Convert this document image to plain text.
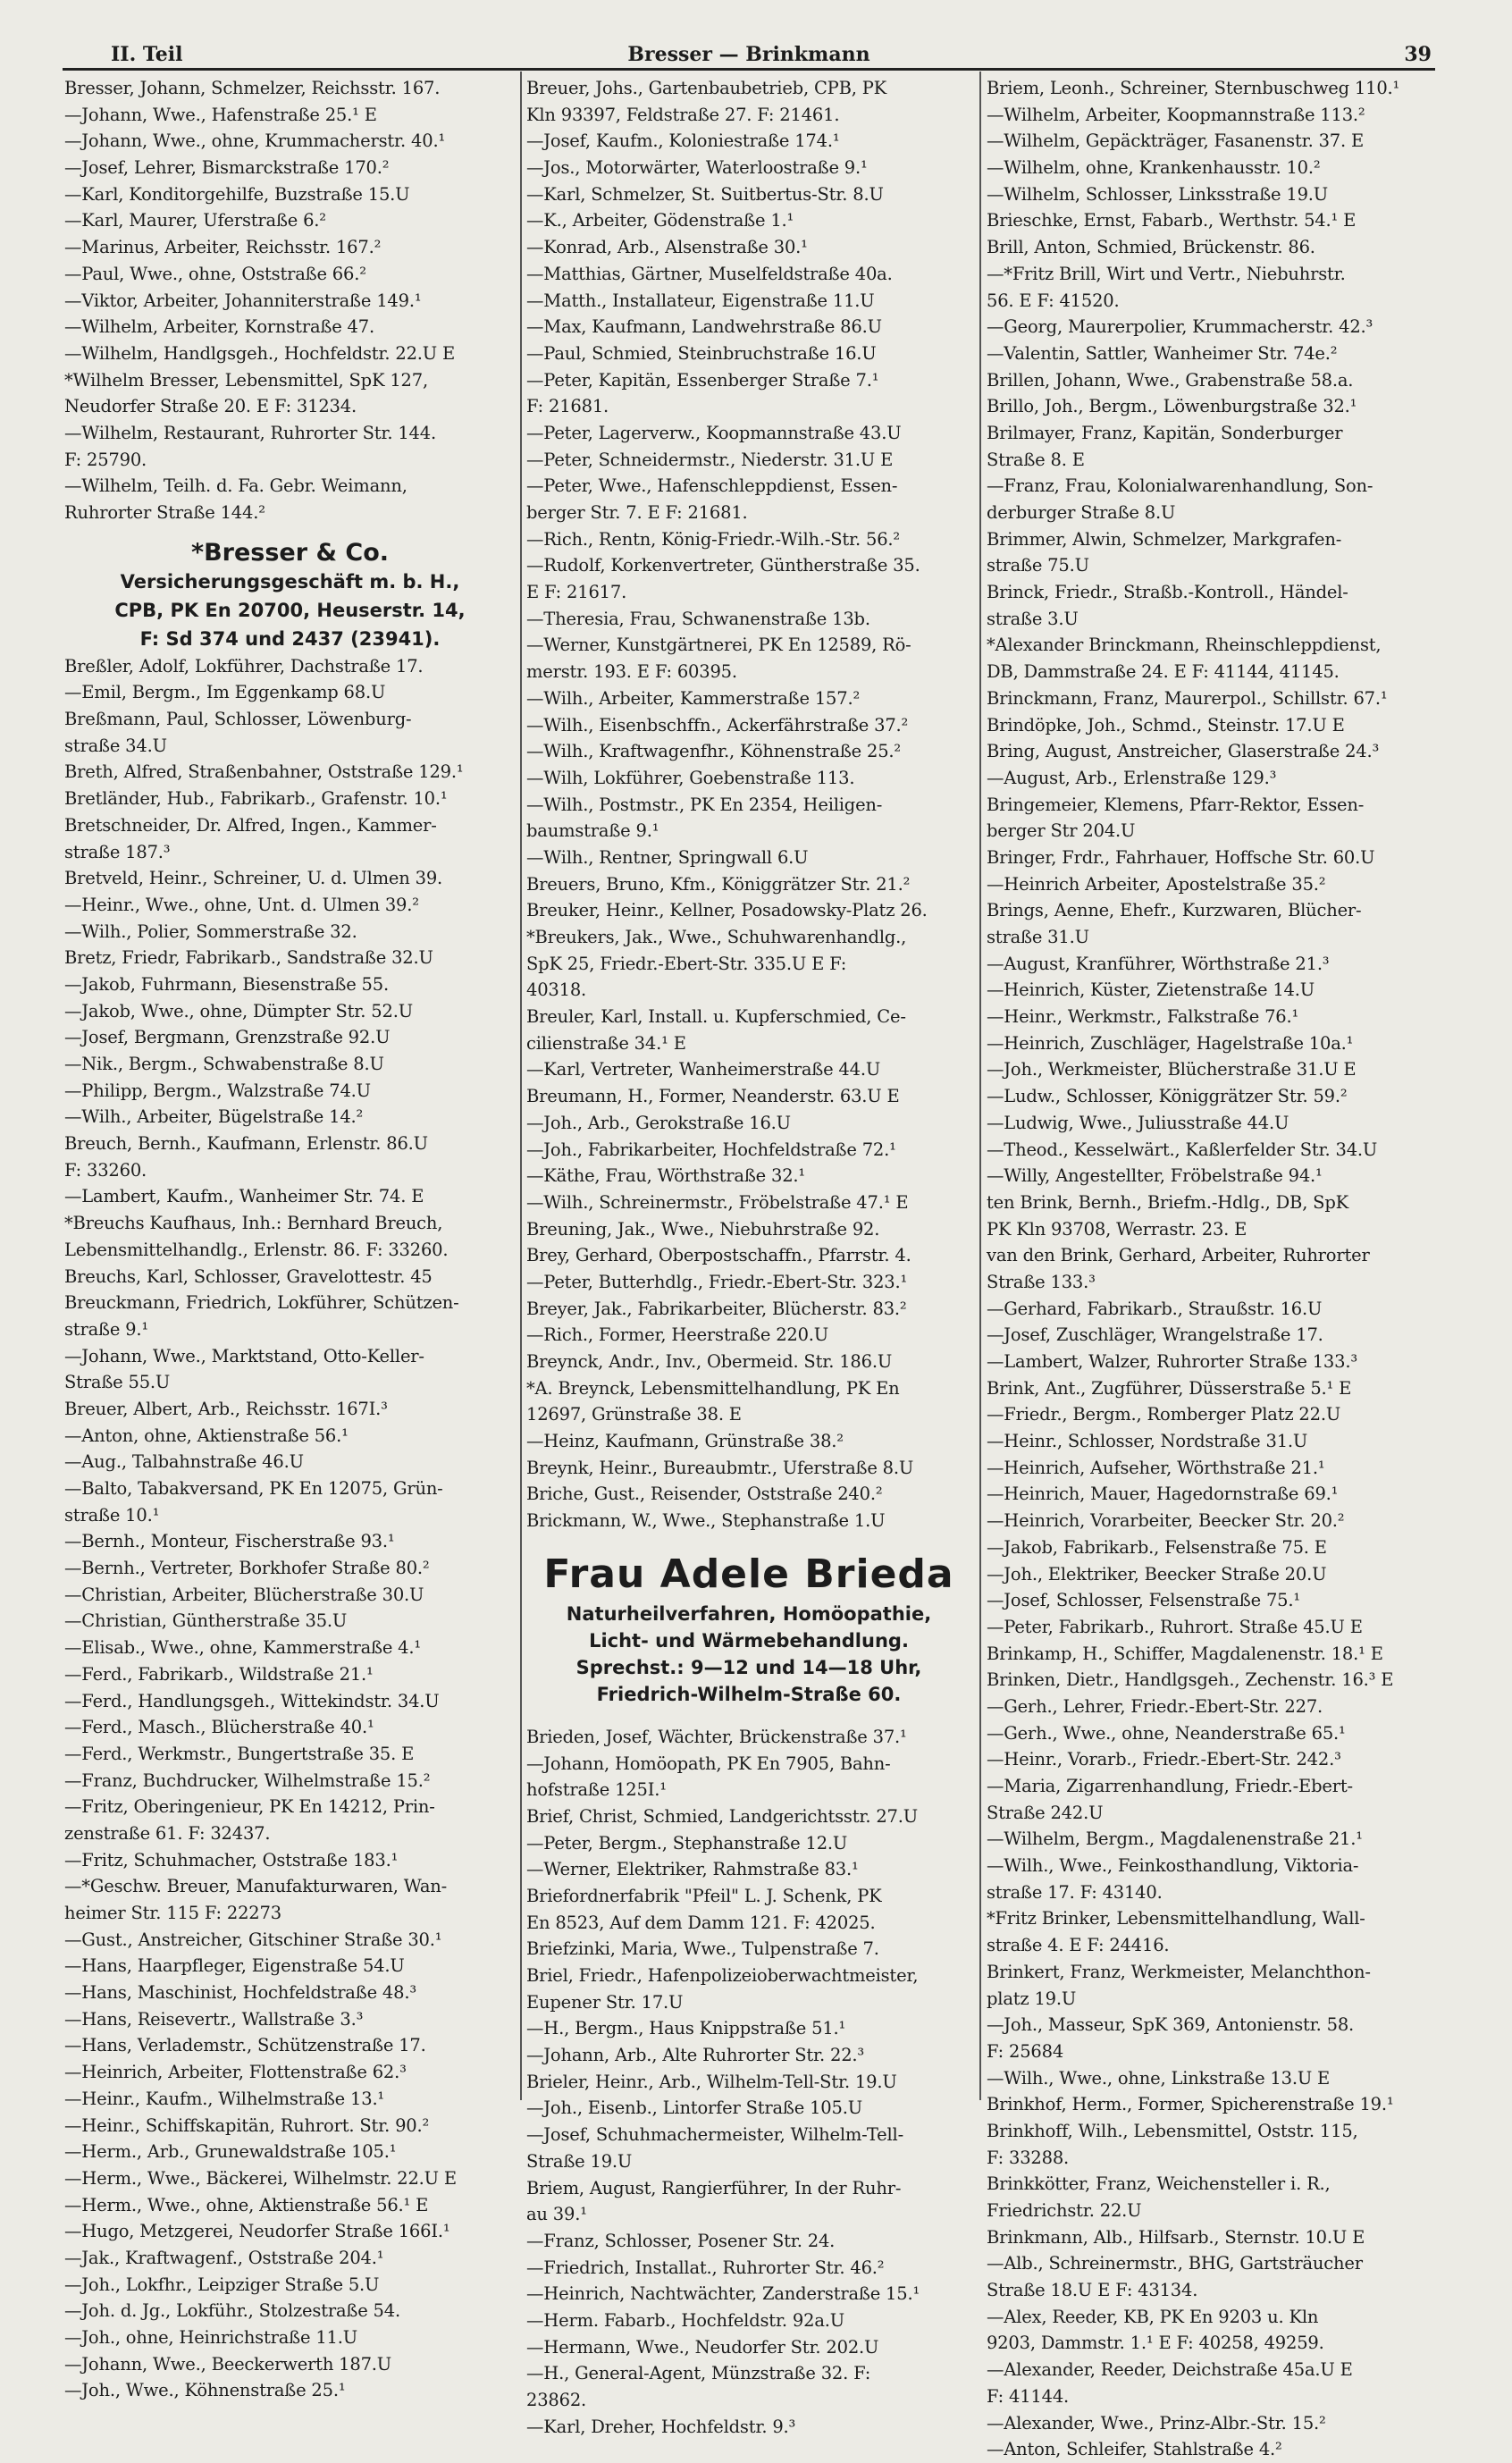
II. Teil	Bresser — Brinkmann	39
Bresser, Johann, Schmelzer, Reichsstr. 167.
—Johann, Wwe., Hafenstraße 25.¹ E
—Johann, Wwe., ohne, Krummacherstr. 40.¹
—Josef, Lehrer, Bismarckstraße 170.²
—Karl, Konditorgehilfe, Buzstraße 15.U
—Karl, Maurer, Uferstraße 6.²
—Marinus, Arbeiter, Reichsstr. 167.²
—Paul, Wwe., ohne, Oststraße 66.²
—Viktor, Arbeiter, Johanniterstraße 149.¹
—Wilhelm, Arbeiter, Kornstraße 47.
—Wilhelm, Handlgsgeh., Hochfeldstr. 22.U E
*Wilhelm Bresser, Lebensmittel, SpK 127,
Neudorfer Straße 20. E F: 31234.
—Wilhelm, Restaurant, Ruhrorter Str. 144.
F: 25790.
—Wilhelm, Teilh. d. Fa. Gebr. Weimann,
Ruhrorter Straße 144.²
*Bresser & Co.
Versicherungsgeschäft m. b. H.,
CPB, PK En 20700, Heuserstr. 14,
F: Sd 374 und 2437 (23941).
Breßler, Adolf, Lokführer, Dachstraße 17.
—Emil, Bergm., Im Eggenkamp 68.U
Breßmann, Paul, Schlosser, Löwenburg-
straße 34.U
Breth, Alfred, Straßenbahner, Oststraße 129.¹
Bretländer, Hub., Fabrikarb., Grafenstr. 10.¹
Bretschneider, Dr. Alfred, Ingen., Kammer-
straße 187.³
Bretveld, Heinr., Schreiner, U. d. Ulmen 39.
—Heinr., Wwe., ohne, Unt. d. Ulmen 39.²
—Wilh., Polier, Sommerstraße 32.
Bretz, Friedr, Fabrikarb., Sandstraße 32.U
—Jakob, Fuhrmann, Biesenstraße 55.
—Jakob, Wwe., ohne, Dümpter Str. 52.U
—Josef, Bergmann, Grenzstraße 92.U
—Nik., Bergm., Schwabenstraße 8.U
—Philipp, Bergm., Walzstraße 74.U
—Wilh., Arbeiter, Bügelstraße 14.²
Breuch, Bernh., Kaufmann, Erlenstr. 86.U
F: 33260.
—Lambert, Kaufm., Wanheimer Str. 74. E
*Breuchs Kaufhaus, Inh.: Bernhard Breuch,
Lebensmittelhandlg., Erlenstr. 86. F: 33260.
Breuchs, Karl, Schlosser, Gravelottestr. 45
Breuckmann, Friedrich, Lokführer, Schützen-
straße 9.¹
—Johann, Wwe., Marktstand, Otto-Keller-
Straße 55.U
Breuer, Albert, Arb., Reichsstr. 167I.³
—Anton, ohne, Aktienstraße 56.¹
—Aug., Talbahnstraße 46.U
—Balto, Tabakversand, PK En 12075, Grün-
straße 10.¹
—Bernh., Monteur, Fischerstraße 93.¹
—Bernh., Vertreter, Borkhofer Straße 80.²
—Christian, Arbeiter, Blücherstraße 30.U
—Christian, Güntherstraße 35.U
—Elisab., Wwe., ohne, Kammerstraße 4.¹
—Ferd., Fabrikarb., Wildstraße 21.¹
—Ferd., Handlungsgeh., Wittekindstr. 34.U
—Ferd., Masch., Blücherstraße 40.¹
—Ferd., Werkmstr., Bungertstraße 35. E
—Franz, Buchdrucker, Wilhelmstraße 15.²
—Fritz, Oberingenieur, PK En 14212, Prin-
zenstraße 61. F: 32437.
—Fritz, Schuhmacher, Oststraße 183.¹
—*Geschw. Breuer, Manufakturwaren, Wan-
heimer Str. 115 F: 22273
—Gust., Anstreicher, Gitschiner Straße 30.¹
—Hans, Haarpfleger, Eigenstraße 54.U
—Hans, Maschinist, Hochfeldstraße 48.³
—Hans, Reisevertr., Wallstraße 3.³
—Hans, Verlademstr., Schützenstraße 17.
—Heinrich, Arbeiter, Flottenstraße 62.³
—Heinr., Kaufm., Wilhelmstraße 13.¹
—Heinr., Schiffskapitän, Ruhrort. Str. 90.²
—Herm., Arb., Grunewaldstraße 105.¹
—Herm., Wwe., Bäckerei, Wilhelmstr. 22.U E
—Herm., Wwe., ohne, Aktienstraße 56.¹ E
—Hugo, Metzgerei, Neudorfer Straße 166I.¹
—Jak., Kraftwagenf., Oststraße 204.¹
—Joh., Lokfhr., Leipziger Straße 5.U
—Joh. d. Jg., Lokführ., Stolzestraße 54.
—Joh., ohne, Heinrichstraße 11.U
—Johann, Wwe., Beeckerwerth 187.U
—Joh., Wwe., Köhnenstraße 25.¹
Breuer, Johs., Gartenbaubetrieb, CPB, PK
Kln 93397, Feldstraße 27. F: 21461.
—Josef, Kaufm., Koloniestraße 174.¹
—Jos., Motorwärter, Waterloostraße 9.¹
—Karl, Schmelzer, St. Suitbertus-Str. 8.U
—K., Arbeiter, Gödenstraße 1.¹
—Konrad, Arb., Alsenstraße 30.¹
—Matthias, Gärtner, Muselfeldstraße 40a.
—Matth., Installateur, Eigenstraße 11.U
—Max, Kaufmann, Landwehrstraße 86.U
—Paul, Schmied, Steinbruchstraße 16.U
—Peter, Kapitän, Essenberger Straße 7.¹
F: 21681.
—Peter, Lagerverw., Koopmannstraße 43.U
—Peter, Schneidermstr., Niederstr. 31.U E
—Peter, Wwe., Hafenschleppdienst, Essen-
berger Str. 7. E F: 21681.
—Rich., Rentn, König-Friedr.-Wilh.-Str. 56.²
—Rudolf, Korkenvertreter, Güntherstraße 35.
E F: 21617.
—Theresia, Frau, Schwanenstraße 13b.
—Werner, Kunstgärtnerei, PK En 12589, Rö-
merstr. 193. E F: 60395.
—Wilh., Arbeiter, Kammerstraße 157.²
—Wilh., Eisenbschffn., Ackerfährstraße 37.²
—Wilh., Kraftwagenfhr., Köhnenstraße 25.²
—Wilh, Lokführer, Goebenstraße 113.
—Wilh., Postmstr., PK En 2354, Heiligen-
baumstraße 9.¹
—Wilh., Rentner, Springwall 6.U
Breuers, Bruno, Kfm., Königgrätzer Str. 21.²
Breuker, Heinr., Kellner, Posadowsky-Platz 26.
*Breukers, Jak., Wwe., Schuhwarenhandlg.,
SpK 25, Friedr.-Ebert-Str. 335.U E F:
40318.
Breuler, Karl, Install. u. Kupferschmied, Ce-
cilienstraße 34.¹ E
—Karl, Vertreter, Wanheimerstraße 44.U
Breumann, H., Former, Neanderstr. 63.U E
—Joh., Arb., Gerokstraße 16.U
—Joh., Fabrikarbeiter, Hochfeldstraße 72.¹
—Käthe, Frau, Wörthstraße 32.¹
—Wilh., Schreinermstr., Fröbelstraße 47.¹ E
Breuning, Jak., Wwe., Niebuhrstraße 92.
Brey, Gerhard, Oberpostschaffn., Pfarrstr. 4.
—Peter, Butterhdlg., Friedr.-Ebert-Str. 323.¹
Breyer, Jak., Fabrikarbeiter, Blücherstr. 83.²
—Rich., Former, Heerstraße 220.U
Breynck, Andr., Inv., Obermeid. Str. 186.U
*A. Breynck, Lebensmittelhandlung, PK En
12697, Grünstraße 38. E
—Heinz, Kaufmann, Grünstraße 38.²
Breynk, Heinr., Bureaubmtr., Uferstraße 8.U
Briche, Gust., Reisender, Oststraße 240.²
Brickmann, W., Wwe., Stephanstraße 1.U
Frau Adele Brieda
Naturheilverfahren, Homöopathie,
Licht- und Wärmebehandlung.
Sprechst.: 9—12 und 14—18 Uhr,
Friedrich-Wilhelm-Straße 60.
Brieden, Josef, Wächter, Brückenstraße 37.¹
—Johann, Homöopath, PK En 7905, Bahn-
hofstraße 125I.¹
Brief, Christ, Schmied, Landgerichtsstr. 27.U
—Peter, Bergm., Stephanstraße 12.U
—Werner, Elektriker, Rahmstraße 83.¹
Briefordnerfabrik "Pfeil" L. J. Schenk, PK
En 8523, Auf dem Damm 121. F: 42025.
Briefzinki, Maria, Wwe., Tulpenstraße 7.
Briel, Friedr., Hafenpolizeioberwachtmeister,
Eupener Str. 17.U
—H., Bergm., Haus Knippstraße 51.¹
—Johann, Arb., Alte Ruhrorter Str. 22.³
Brieler, Heinr., Arb., Wilhelm-Tell-Str. 19.U
—Joh., Eisenb., Lintorfer Straße 105.U
—Josef, Schuhmachermeister, Wilhelm-Tell-
Straße 19.U
Briem, August, Rangierführer, In der Ruhr-
au 39.¹
—Franz, Schlosser, Posener Str. 24.
—Friedrich, Installat., Ruhrorter Str. 46.²
—Heinrich, Nachtwächter, Zanderstraße 15.¹
—Herm. Fabarb., Hochfeldstr. 92a.U
—Hermann, Wwe., Neudorfer Str. 202.U
—H., General-Agent, Münzstraße 32. F:
23862.
—Karl, Dreher, Hochfeldstr. 9.³
Briem, Leonh., Schreiner, Sternbuschweg 110.¹
—Wilhelm, Arbeiter, Koopmannstraße 113.²
—Wilhelm, Gepäckträger, Fasanenstr. 37. E
—Wilhelm, ohne, Krankenhausstr. 10.²
—Wilhelm, Schlosser, Linksstraße 19.U
Brieschke, Ernst, Fabarb., Werthstr. 54.¹ E
Brill, Anton, Schmied, Brückenstr. 86.
—*Fritz Brill, Wirt und Vertr., Niebuhrstr.
56. E F: 41520.
—Georg, Maurerpolier, Krummacherstr. 42.³
—Valentin, Sattler, Wanheimer Str. 74e.²
Brillen, Johann, Wwe., Grabenstraße 58.a.
Brillo, Joh., Bergm., Löwenburgstraße 32.¹
Brilmayer, Franz, Kapitän, Sonderburger
Straße 8. E
—Franz, Frau, Kolonialwarenhandlung, Son-
derburger Straße 8.U
Brimmer, Alwin, Schmelzer, Markgrafen-
straße 75.U
Brinck, Friedr., Straßb.-Kontroll., Händel-
straße 3.U
*Alexander Brinckmann, Rheinschleppdienst,
DB, Dammstraße 24. E F: 41144, 41145.
Brinckmann, Franz, Maurerpol., Schillstr. 67.¹
Brindöpke, Joh., Schmd., Steinstr. 17.U E
Bring, August, Anstreicher, Glaserstraße 24.³
—August, Arb., Erlenstraße 129.³
Bringemeier, Klemens, Pfarr-Rektor, Essen-
berger Str 204.U
Bringer, Frdr., Fahrhauer, Hoffsche Str. 60.U
—Heinrich Arbeiter, Apostelstraße 35.²
Brings, Aenne, Ehefr., Kurzwaren, Blücher-
straße 31.U
—August, Kranführer, Wörthstraße 21.³
—Heinrich, Küster, Zietenstraße 14.U
—Heinr., Werkmstr., Falkstraße 76.¹
—Heinrich, Zuschläger, Hagelstraße 10a.¹
—Joh., Werkmeister, Blücherstraße 31.U E
—Ludw., Schlosser, Königgrätzer Str. 59.²
—Ludwig, Wwe., Juliusstraße 44.U
—Theod., Kesselwärt., Kaßlerfelder Str. 34.U
—Willy, Angestellter, Fröbelstraße 94.¹
ten Brink, Bernh., Briefm.-Hdlg., DB, SpK
PK Kln 93708, Werrastr. 23. E
van den Brink, Gerhard, Arbeiter, Ruhrorter
Straße 133.³
—Gerhard, Fabrikarb., Straußstr. 16.U
—Josef, Zuschläger, Wrangelstraße 17.
—Lambert, Walzer, Ruhrorter Straße 133.³
Brink, Ant., Zugführer, Düsserstraße 5.¹ E
—Friedr., Bergm., Romberger Platz 22.U
—Heinr., Schlosser, Nordstraße 31.U
—Heinrich, Aufseher, Wörthstraße 21.¹
—Heinrich, Mauer, Hagedornstraße 69.¹
—Heinrich, Vorarbeiter, Beecker Str. 20.²
—Jakob, Fabrikarb., Felsenstraße 75. E
—Joh., Elektriker, Beecker Straße 20.U
—Josef, Schlosser, Felsenstraße 75.¹
—Peter, Fabrikarb., Ruhrort. Straße 45.U E
Brinkamp, H., Schiffer, Magdalenenstr. 18.¹ E
Brinken, Dietr., Handlgsgeh., Zechenstr. 16.³ E
—Gerh., Lehrer, Friedr.-Ebert-Str. 227.
—Gerh., Wwe., ohne, Neanderstraße 65.¹
—Heinr., Vorarb., Friedr.-Ebert-Str. 242.³
—Maria, Zigarrenhandlung, Friedr.-Ebert-
Straße 242.U
—Wilhelm, Bergm., Magdalenenstraße 21.¹
—Wilh., Wwe., Feinkosthandlung, Viktoria-
straße 17. F: 43140.
*Fritz Brinker, Lebensmittelhandlung, Wall-
straße 4. E F: 24416.
Brinkert, Franz, Werkmeister, Melanchthon-
platz 19.U
—Joh., Masseur, SpK 369, Antonienstr. 58.
F: 25684
—Wilh., Wwe., ohne, Linkstraße 13.U E
Brinkhof, Herm., Former, Spicherenstraße 19.¹
Brinkhoff, Wilh., Lebensmittel, Oststr. 115,
F: 33288.
Brinkkötter, Franz, Weichensteller i. R.,
Friedrichstr. 22.U
Brinkmann, Alb., Hilfsarb., Sternstr. 10.U E
—Alb., Schreinermstr., BHG, Gartsträucher
Straße 18.U E F: 43134.
—Alex, Reeder, KB, PK En 9203 u. Kln
9203, Dammstr. 1.¹ E F: 40258, 49259.
—Alexander, Reeder, Deichstraße 45a.U E
F: 41144.
—Alexander, Wwe., Prinz-Albr.-Str. 15.²
—Anton, Schleifer, Stahlstraße 4.²
